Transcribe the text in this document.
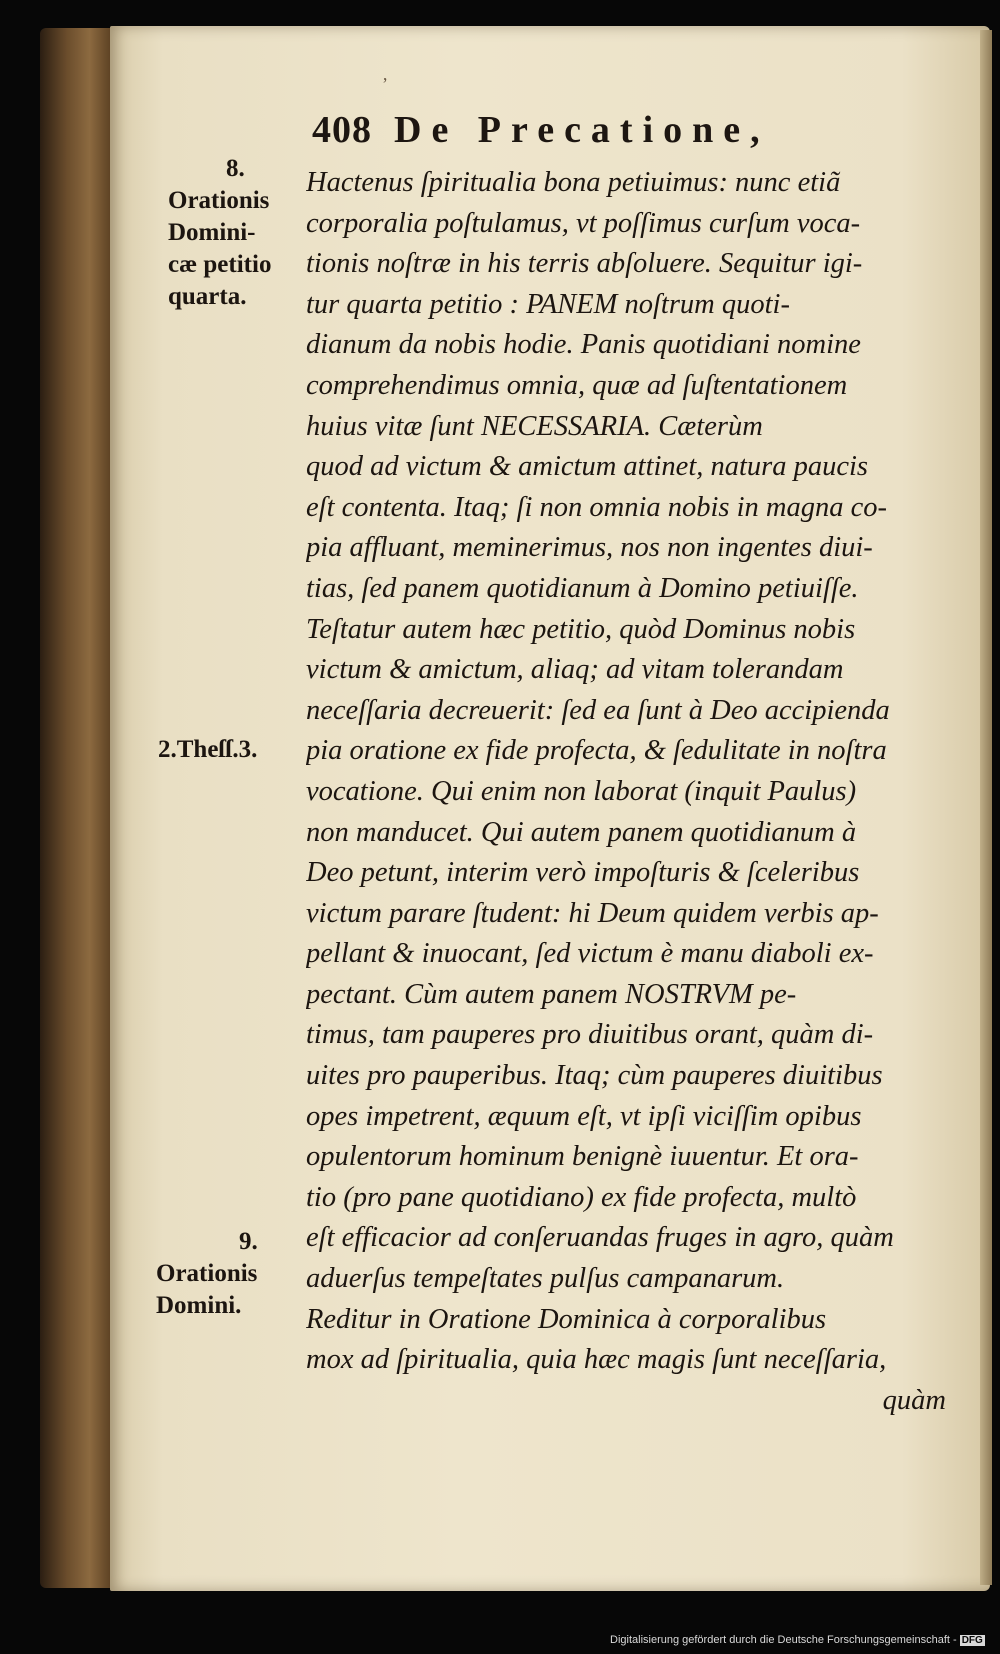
ʼ
408 De Precatione,
8.
Orationis
Domini-
cæ petitio
quarta.
2.Theſſ.3.
9.
Orationis
Domini.
Hactenus ſpiritualia bona petiuimus: nunc etiã
corporalia poſtulamus, vt poſſimus curſum voca-
tionis noſtræ in his terris abſoluere. Sequitur igi-
tur quarta petitio : PANEM noſtrum quoti-
dianum da nobis hodie. Panis quotidiani nomine
comprehendimus omnia, quæ ad ſuſtentationem
huius vitæ ſunt NECESSARIA. Cæterùm
quod ad victum & amictum attinet, natura paucis
eſt contenta. Itaq; ſi non omnia nobis in magna co-
pia affluant, meminerimus, nos non ingentes diui-
tias, ſed panem quotidianum à Domino petiuiſſe.
Teſtatur autem hæc petitio, quòd Dominus nobis
victum & amictum, aliaq; ad vitam tolerandam
neceſſaria decreuerit: ſed ea ſunt à Deo accipienda
pia oratione ex fide profecta, & ſedulitate in noſtra
vocatione. Qui enim non laborat (inquit Paulus)
non manducet. Qui autem panem quotidianum à
Deo petunt, interim verò impoſturis & ſceleribus
victum parare ſtudent: hi Deum quidem verbis ap-
pellant & inuocant, ſed victum è manu diaboli ex-
pectant. Cùm autem panem NOSTRVM pe-
timus, tam pauperes pro diuitibus orant, quàm di-
uites pro pauperibus. Itaq; cùm pauperes diuitibus
opes impetrent, æquum eſt, vt ipſi viciſſim opibus
opulentorum hominum benignè iuuentur. Et ora-
tio (pro pane quotidiano) ex fide profecta, multò
eſt efficacior ad conſeruandas fruges in agro, quàm
aduerſus tempeſtates pulſus campanarum.
Reditur in Oratione Dominica à corporalibus
mox ad ſpiritualia, quia hæc magis ſunt neceſſaria,
quàm
Digitalisierung gefördert durch die Deutsche Forschungsgemeinschaft - DFG
